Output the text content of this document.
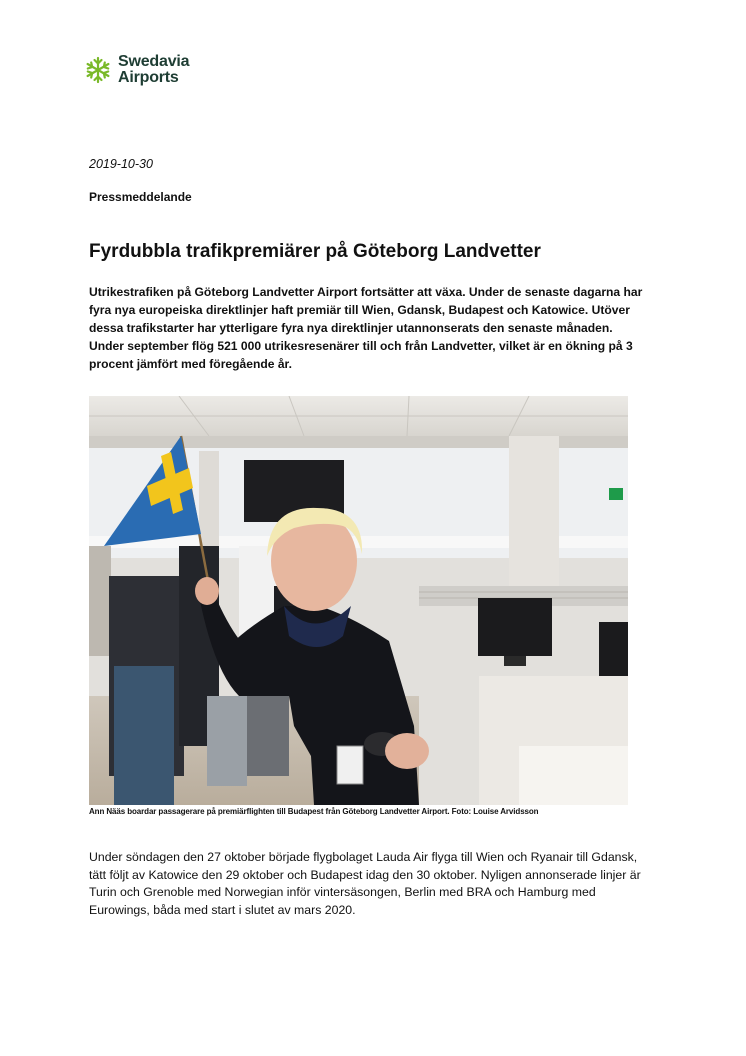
Swedavia
Airports
2019-10-30
Pressmeddelande
Fyrdubbla trafikpremiärer på Göteborg Landvetter

Utrikestrafiken på Göteborg Landvetter Airport fortsätter att växa. Under de senaste dagarna har fyra nya europeiska direktlinjer haft premiär till Wien, Gdansk, Budapest och Katowice. Utöver dessa trafikstarter har ytterligare fyra nya direktlinjer utannonserats den senaste månaden. Under september flög 521 000 utrikesresenärer till och från Landvetter, vilket är en ökning på 3 procent jämfört med föregående år.

Ann Nääs boardar passagerare på premiärflighten till Budapest från Göteborg Landvetter Airport. Foto: Louise Arvidsson

Under söndagen den 27 oktober började flygbolaget Lauda Air flyga till Wien och Ryanair till Gdansk, tätt följt av Katowice den 29 oktober och Budapest idag den 30 oktober. Nyligen annonserade linjer är Turin och Grenoble med Norwegian inför vintersäsongen, Berlin med BRA och Hamburg med Eurowings, båda med start i slutet av mars 2020.
